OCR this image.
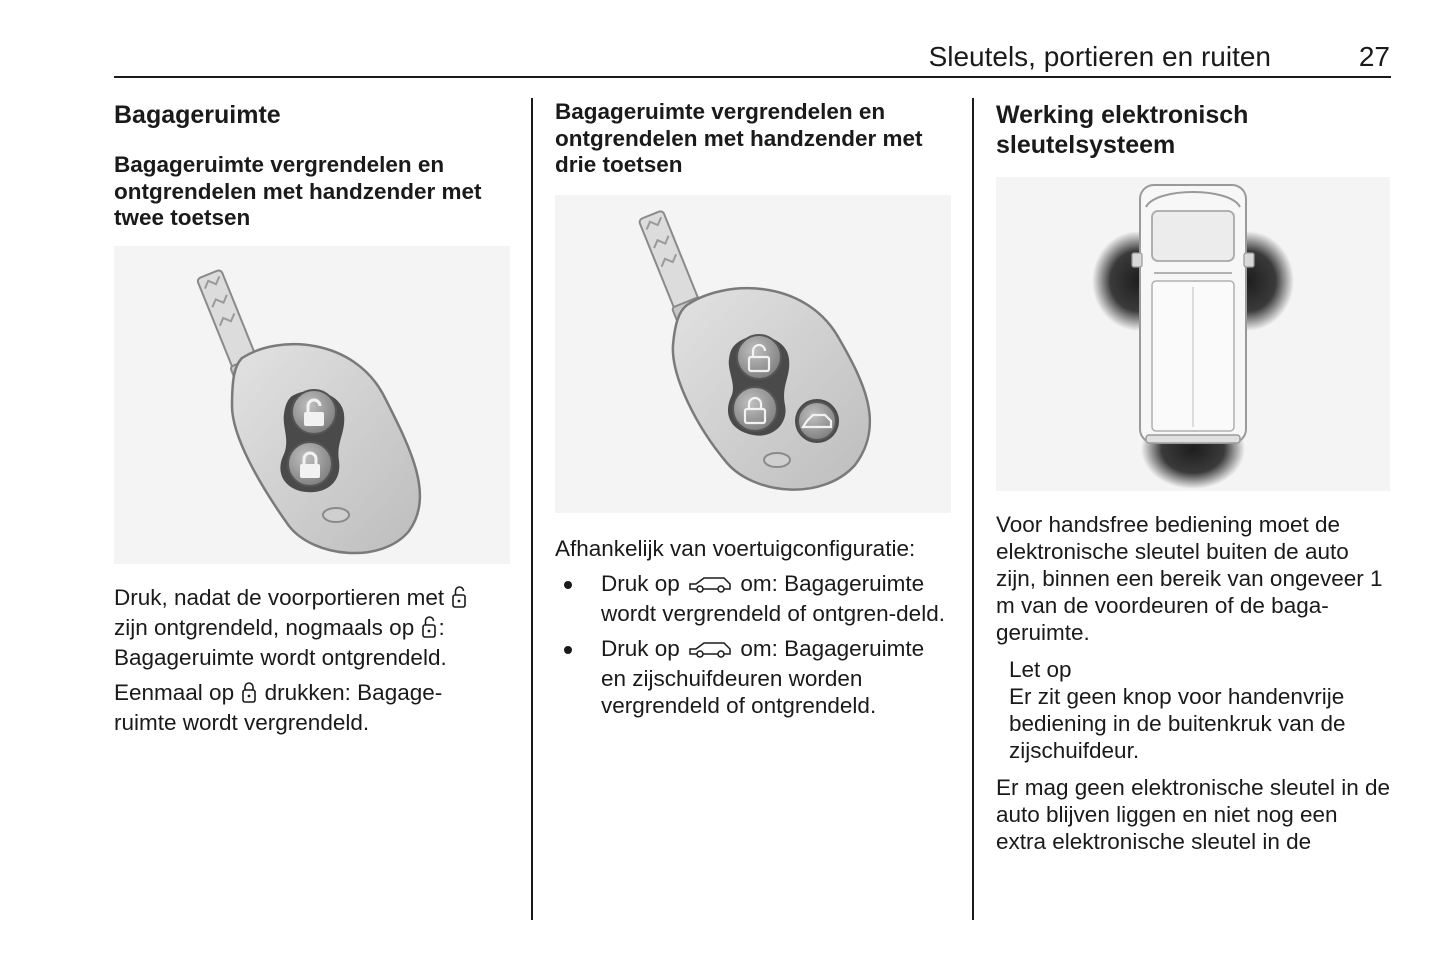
Sleutels, portieren en ruiten	27
Bagageruimte
Bagageruimte vergrendelen en ontgrendelen met handzender met twee toetsen

Druk, nadat de voorportieren met
zijn ontgrendeld, nogmaals op :
Bagageruimte wordt ontgrendeld.

Eenmaal op drukken: Bagage-
ruimte wordt vergrendeld.

Bagageruimte vergrendelen en ontgrendelen met handzender met drie toetsen

Afhankelijk van voertuigconfiguratie:

Druk op	om: Bagageruimte wordt vergrendeld of ontgren-deld.
Druk op	om: Bagageruimte en zijschuifdeuren worden vergrendeld of ontgrendeld.
Werking elektronisch sleutelsysteem

Voor handsfree bediening moet de elektronische sleutel buiten de auto zijn, binnen een bereik van ongeveer 1 m van de voordeuren of de baga-geruimte.

Let op
Er zit geen knop voor handenvrije bediening in de buitenkruk van de zijschuifdeur.

Er mag geen elektronische sleutel in de auto blijven liggen en niet nog een extra elektronische sleutel in de
